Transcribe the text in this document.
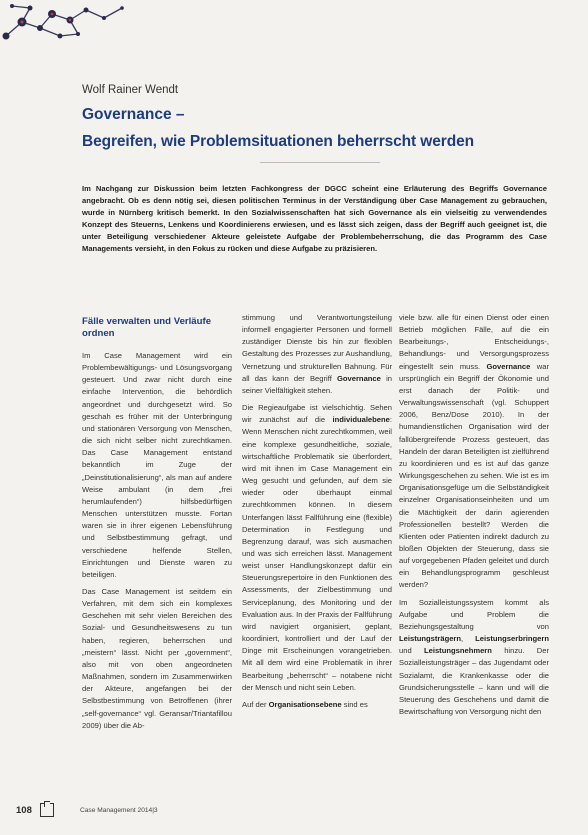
Wolf Rainer Wendt
Governance –
Begreifen, wie Problemsituationen beherrscht werden
Im Nachgang zur Diskussion beim letzten Fachkongress der DGCC scheint eine Erläuterung des Begriffs Governance angebracht. Ob es denn nötig sei, diesen politischen Terminus in der Verständigung über Case Management zu gebrauchen, wurde in Nürnberg kritisch bemerkt. In den Sozialwissenschaften hat sich Governance als ein vielseitig zu verwendendes Konzept des Steuerns, Lenkens und Koordinierens erwiesen, und es lässt sich zeigen, dass der Begriff auch geeignet ist, die unter Beteiligung verschiedener Akteure geleistete Aufgabe der Problembeherrschung, die das Programm des Case Managements versieht, in den Fokus zu rücken und diese Aufgabe zu präzisieren.
Fälle verwalten und Verläufe ordnen

Im Case Management wird ein Problembewältigungs- und Lösungsvorgang gesteuert. Und zwar nicht durch eine einfache Intervention, die behördlich angeordnet und durchgesetzt wird. So geschah es früher mit der Unterbringung und stationären Versorgung von Menschen, die sich nicht selber nicht zurechtkamen. Das Case Management entstand bekanntlich im Zuge der „Deinstitutionalisierung“, als man auf andere Weise ambulant (in dem „frei herumlaufenden“) hilfsbedürftigen Menschen unterstützen musste. Fortan waren sie in ihrer eigenen Lebensführung und Selbstbestimmung gefragt, und verschiedene helfende Stellen, Einrichtungen und Dienste waren zu beteiligen.

Das Case Management ist seitdem ein Verfahren, mit dem sich ein komplexes Geschehen mit sehr vielen Bereichen des Sozial- und Gesundheitswesens zu tun haben, regieren, beherrschen und „meistern“ lässt. Nicht per „government“, also mit von oben angeordneten Maßnahmen, sondern im Zusammenwirken der Akteure, angefangen bei der Selbstbestimmung von Betroffenen (ihrer „self-governance“ vgl. Geransar/Triantafillou 2009) über die Ab-

stimmung und Verantwortungsteilung informell engagierter Personen und formell zuständiger Dienste bis hin zur flexiblen Gestaltung des Prozesses zur Aushandlung, Vernetzung und strukturellen Bahnung. Für all das kann der Begriff Governance in seiner Vielfältigkeit stehen.

Die Regieaufgabe ist vielschichtig. Sehen wir zunächst auf die individualebene: Wenn Menschen nicht zurechtkommen, weil eine komplexe gesundheitliche, soziale, wirtschaftliche Problematik sie überfordert, wird mit ihnen im Case Management ein Weg gesucht und gefunden, auf dem sie wieder oder überhaupt einmal zurechtkommen können. In diesem Unterfangen lässt Fallführung eine (flexible) Determination in Festlegung und Begrenzung darauf, was sich ausmachen und was sich erreichen lässt. Management weist unser Handlungskonzept dafür ein Steuerungsrepertoire in den Funktionen des Assessments, der Zielbestimmung und Serviceplanung, des Monitoring und der Evaluation aus. In der Praxis der Fallführung wird navigiert organisiert, geplant, koordiniert, kontrolliert und der Lauf der Dinge mit Erscheinungen vorangetrieben. Mit all dem wird eine Problematik in ihrer Bearbeitung „beherrscht“ – notabene nicht der Mensch und nicht sein Leben.

Auf der Organisationsebene sind es

viele bzw. alle für einen Dienst oder einen Betrieb möglichen Fälle, auf die ein Bearbeitungs-, Entscheidungs-, Behandlungs- und Versorgungsprozess eingestellt sein muss. Governance war ursprünglich ein Begriff der Ökonomie und erst danach der Politik- und Verwaltungswissenschaft (vgl. Schuppert 2006, Benz/Dose 2010). In der humandienstlichen Organisation wird der fallübergreifende Prozess gesteuert, das Handeln der daran Beteiligten ist zielführend zu koordinieren und es ist auf das ganze Wirkungsgeschehen zu sehen. Wie ist es im Organisationsgefüge um die Selbständigkeit einzelner Organisationseinheiten und um die Mächtigkeit der darin agierenden Professionellen bestellt? Werden die Klienten oder Patienten indirekt dadurch zu bloßen Objekten der Steuerung, dass sie auf vorgegebenen Pfaden geleitet und durch ein Behandlungsprogramm geschleust werden?

Im Sozialleistungssystem kommt als Aufgabe und Problem die Beziehungsgestaltung von Leistungsträgern, Leistungserbringern und Leistungsnehmern hinzu. Der Sozialleistungsträger – das Jugendamt oder Sozialamt, die Krankenkasse oder die Grundsicherungsstelle – kann und will die Steuerung des Geschehens und damit die Bewirtschaftung von Versorgung nicht den

108	Case Management 2014|3
